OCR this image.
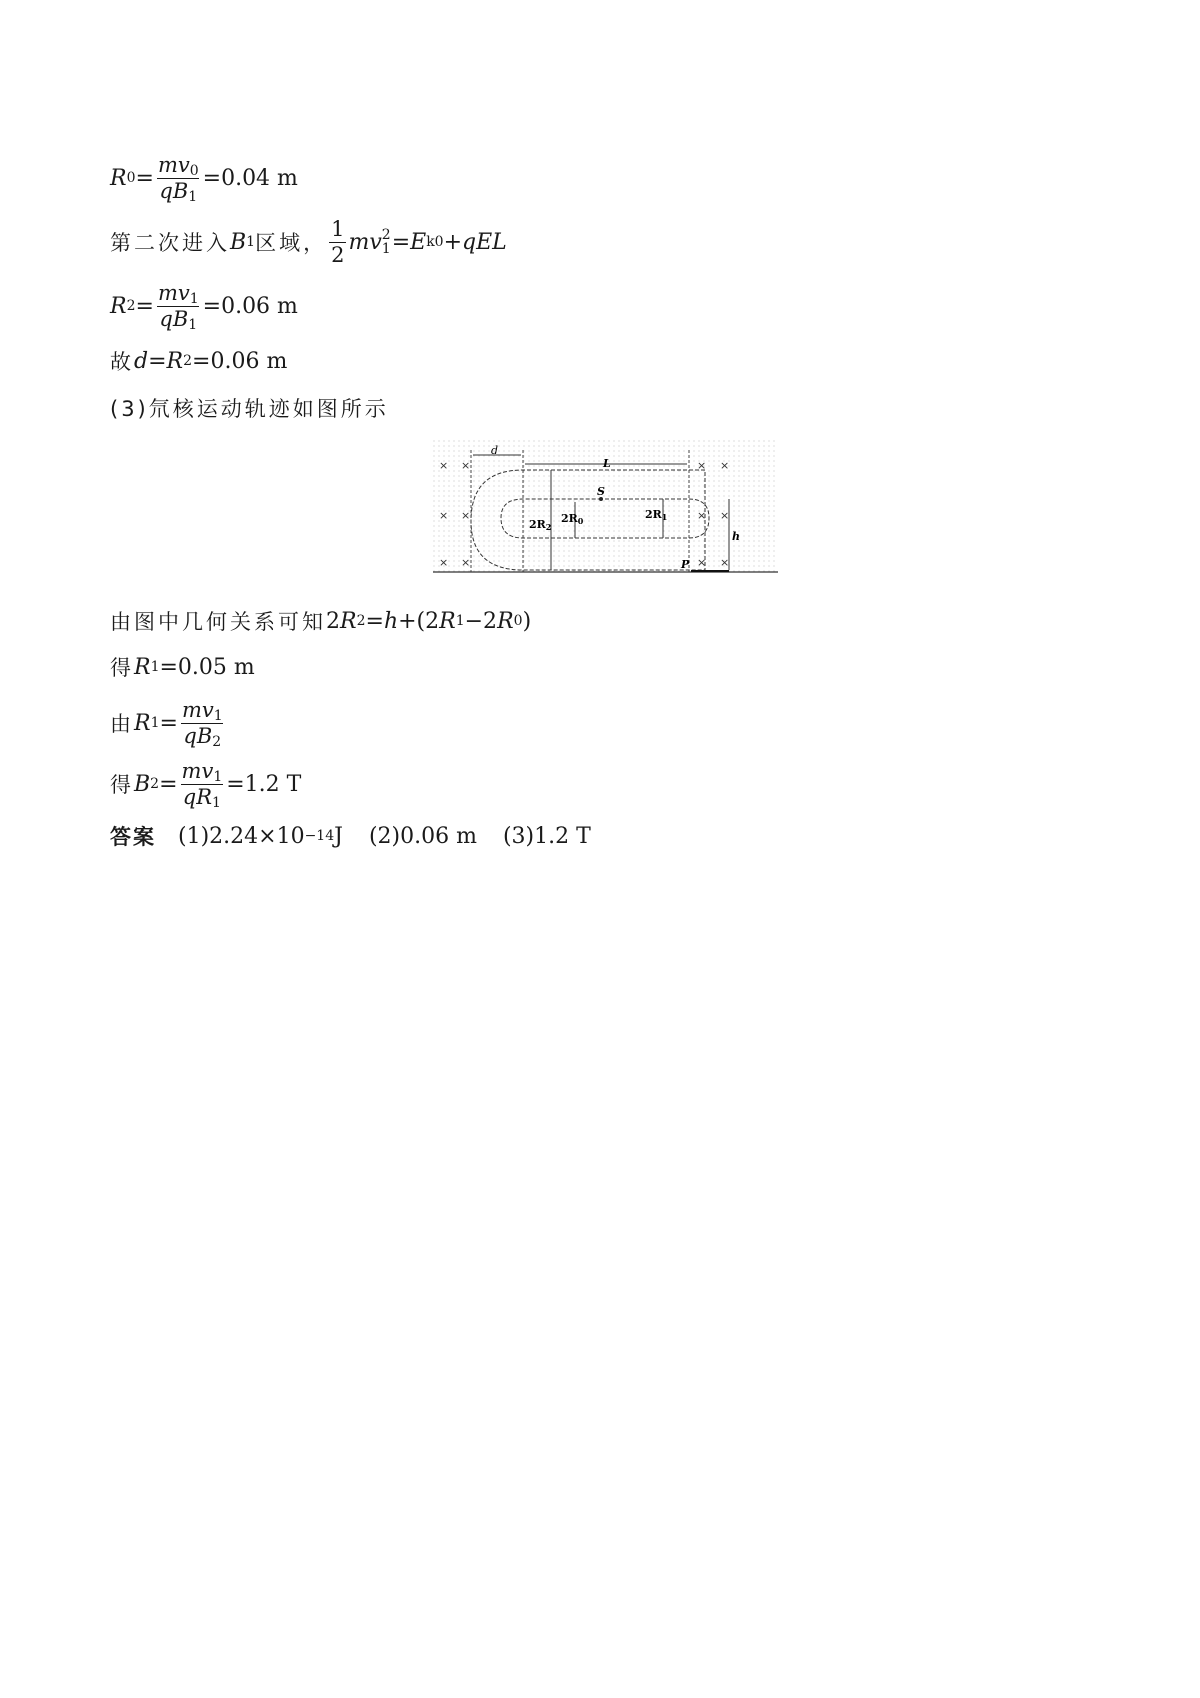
R $0 = \frac{mv_0}{qB_1} =0.04$ m
第二次进入 B 1 区域， $\frac{1}{2}$ mv 2
1 = E k0 + qEL
R $2 = \frac{mv_1}{qB_1} =0.06$ m
故 d = R 2 =0.06 m
(3)氘核运动轨迹如图所示
d
L
S
2R1
2R2
2R0
h
P
× ×
× ×
× ×
× ×
× ×
× ×
由图中几何关系可知 2 R 2 = h +(2 R 1 −2 R 0 )
得 R 1 =0.05 m
由 R $1 = \frac{mv_1}{qB_2}$
得 B $2 = \frac{mv_1}{qR_1} =1.2$ T
答案 (1)2.24×10 −14 J (2)0.06 m (3)1.2 T
